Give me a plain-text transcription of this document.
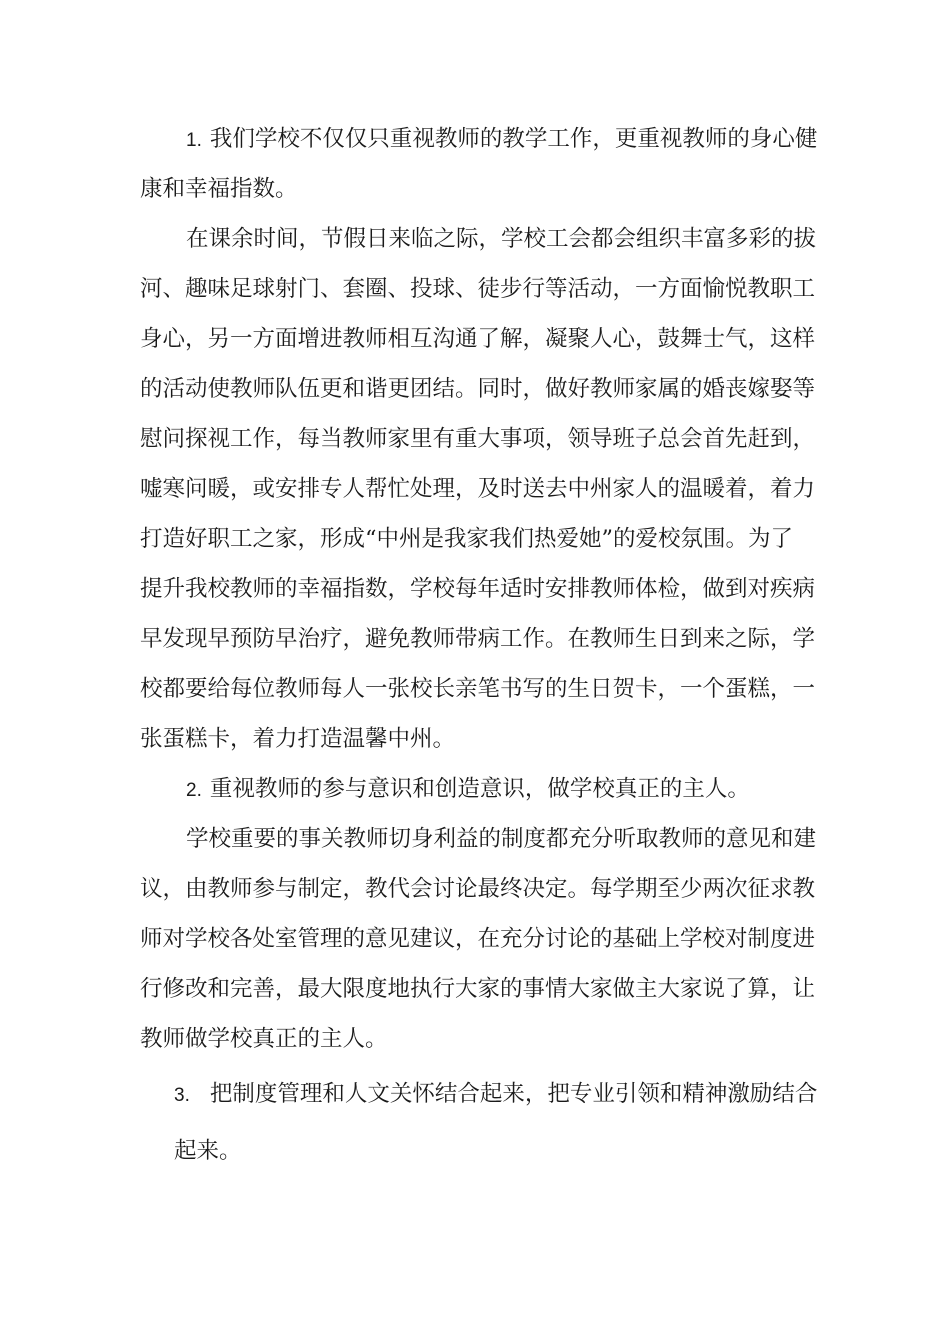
1. 我们学校不仅仅只重视教师的教学工作，更重视教师的身心健
康和幸福指数。
在课余时间，节假日来临之际，学校工会都会组织丰富多彩的拔
河、趣味足球射门、套圈、投球、徒步行等活动，一方面愉悦教职工
身心，另一方面增进教师相互沟通了解，凝聚人心，鼓舞士气，这样
的活动使教师队伍更和谐更团结。同时，做好教师家属的婚丧嫁娶等
慰问探视工作，每当教师家里有重大事项，领导班子总会首先赶到，
嘘寒问暖，或安排专人帮忙处理，及时送去中州家人的温暖着，着力
打造好职工之家，形成“中州是我家我们热爱她”的爱校氛围。为了
提升我校教师的幸福指数，学校每年适时安排教师体检，做到对疾病
早发现早预防早治疗，避免教师带病工作。在教师生日到来之际，学
校都要给每位教师每人一张校长亲笔书写的生日贺卡，一个蛋糕，一
张蛋糕卡，着力打造温馨中州。
2. 重视教师的参与意识和创造意识，做学校真正的主人。
学校重要的事关教师切身利益的制度都充分听取教师的意见和建
议，由教师参与制定，教代会讨论最终决定。每学期至少两次征求教
师对学校各处室管理的意见建议，在充分讨论的基础上学校对制度进
行修改和完善，最大限度地执行大家的事情大家做主大家说了算，让
教师做学校真正的主人。
3. 把制度管理和人文关怀结合起来，把专业引领和精神激励结合
起来。
